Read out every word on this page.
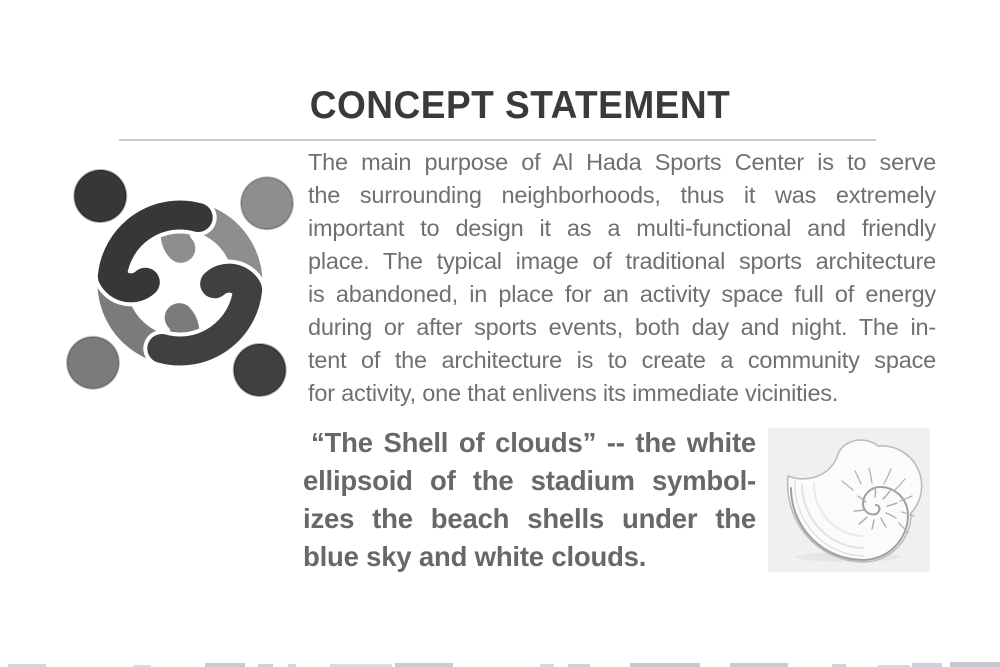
CONCEPT STATEMENT
The main purpose of Al Hada Sports Center is to serve
the surrounding neighborhoods, thus it was extremely
important to design it as a multi-functional and friendly
place. The typical image of traditional sports architecture
is abandoned, in place for an activity space full of energy
during or after sports events, both day and night. The in-
tent of the architecture is to create a community space
for activity, one that enlivens its immediate vicinities.
“The Shell of clouds” -- the white
ellipsoid of the stadium symbol-
izes the beach shells under the
blue sky and white clouds.
